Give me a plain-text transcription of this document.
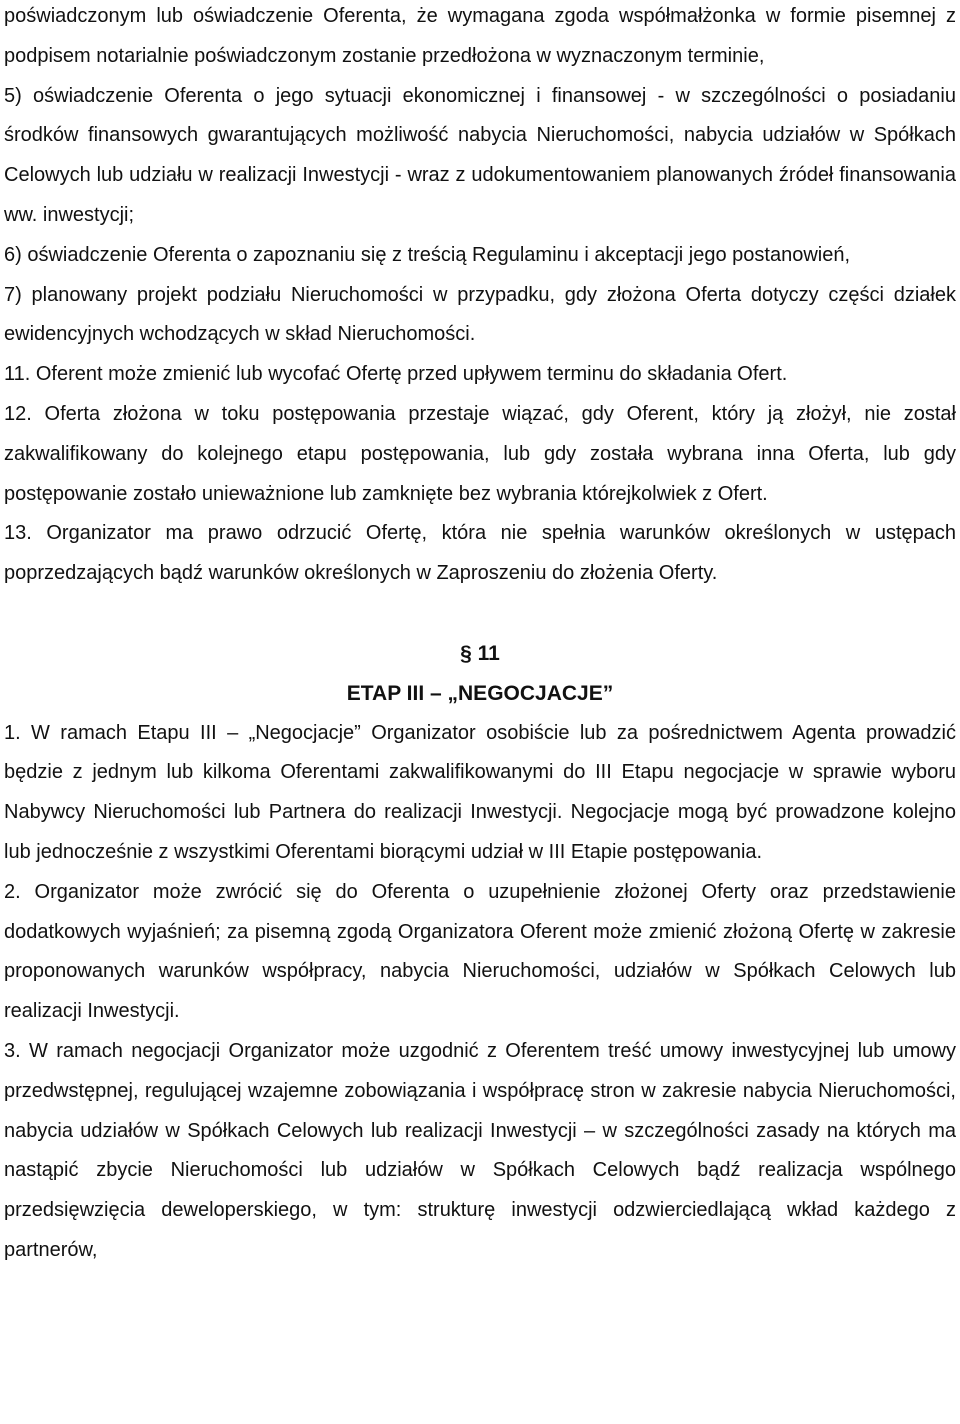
poświadczonym lub oświadczenie Oferenta, że wymagana zgoda współmałżonka w formie pisemnej z podpisem notarialnie poświadczonym zostanie przedłożona w wyznaczonym terminie,

5) oświadczenie Oferenta o jego sytuacji ekonomicznej i finansowej - w szczególności o posiadaniu środków finansowych gwarantujących możliwość nabycia Nieruchomości, nabycia udziałów w Spółkach Celowych lub udziału w realizacji Inwestycji - wraz z udokumentowaniem planowanych źródeł finansowania ww. inwestycji;

6) oświadczenie Oferenta o zapoznaniu się z treścią Regulaminu i akceptacji jego postanowień,

7) planowany projekt podziału Nieruchomości w przypadku, gdy złożona Oferta dotyczy części działek ewidencyjnych wchodzących w skład Nieruchomości.

11. Oferent może zmienić lub wycofać Ofertę przed upływem terminu do składania Ofert.

12. Oferta złożona w toku postępowania przestaje wiązać, gdy Oferent, który ją złożył, nie został zakwalifikowany do kolejnego etapu postępowania, lub gdy została wybrana inna Oferta, lub gdy postępowanie zostało unieważnione lub zamknięte bez wybrania którejkolwiek z Ofert.

13. Organizator ma prawo odrzucić Ofertę, która nie spełnia warunków określonych w ustępach poprzedzających bądź warunków określonych w Zaproszeniu do złożenia Oferty.

§ 11

ETAP III – „NEGOCJACJE”

1. W ramach Etapu III – „Negocjacje” Organizator osobiście lub za pośrednictwem Agenta prowadzić będzie z jednym lub kilkoma Oferentami zakwalifikowanymi do III Etapu negocjacje w sprawie wyboru Nabywcy Nieruchomości lub Partnera do realizacji Inwestycji. Negocjacje mogą być prowadzone kolejno lub jednocześnie z wszystkimi Oferentami biorącymi udział w III Etapie postępowania.

2. Organizator może zwrócić się do Oferenta o uzupełnienie złożonej Oferty oraz przedstawienie dodatkowych wyjaśnień; za pisemną zgodą Organizatora Oferent może zmienić złożoną Ofertę w zakresie proponowanych warunków współpracy, nabycia Nieruchomości, udziałów w Spółkach Celowych lub realizacji Inwestycji.

3. W ramach negocjacji Organizator może uzgodnić z Oferentem treść umowy inwestycyjnej lub umowy przedwstępnej, regulującej wzajemne zobowiązania i współpracę stron w zakresie nabycia Nieruchomości, nabycia udziałów w Spółkach Celowych lub realizacji Inwestycji – w szczególności zasady na których ma nastąpić zbycie Nieruchomości lub udziałów w Spółkach Celowych bądź realizacja wspólnego przedsięwzięcia deweloperskiego, w tym: strukturę inwestycji odzwierciedlającą wkład każdego z partnerów,
